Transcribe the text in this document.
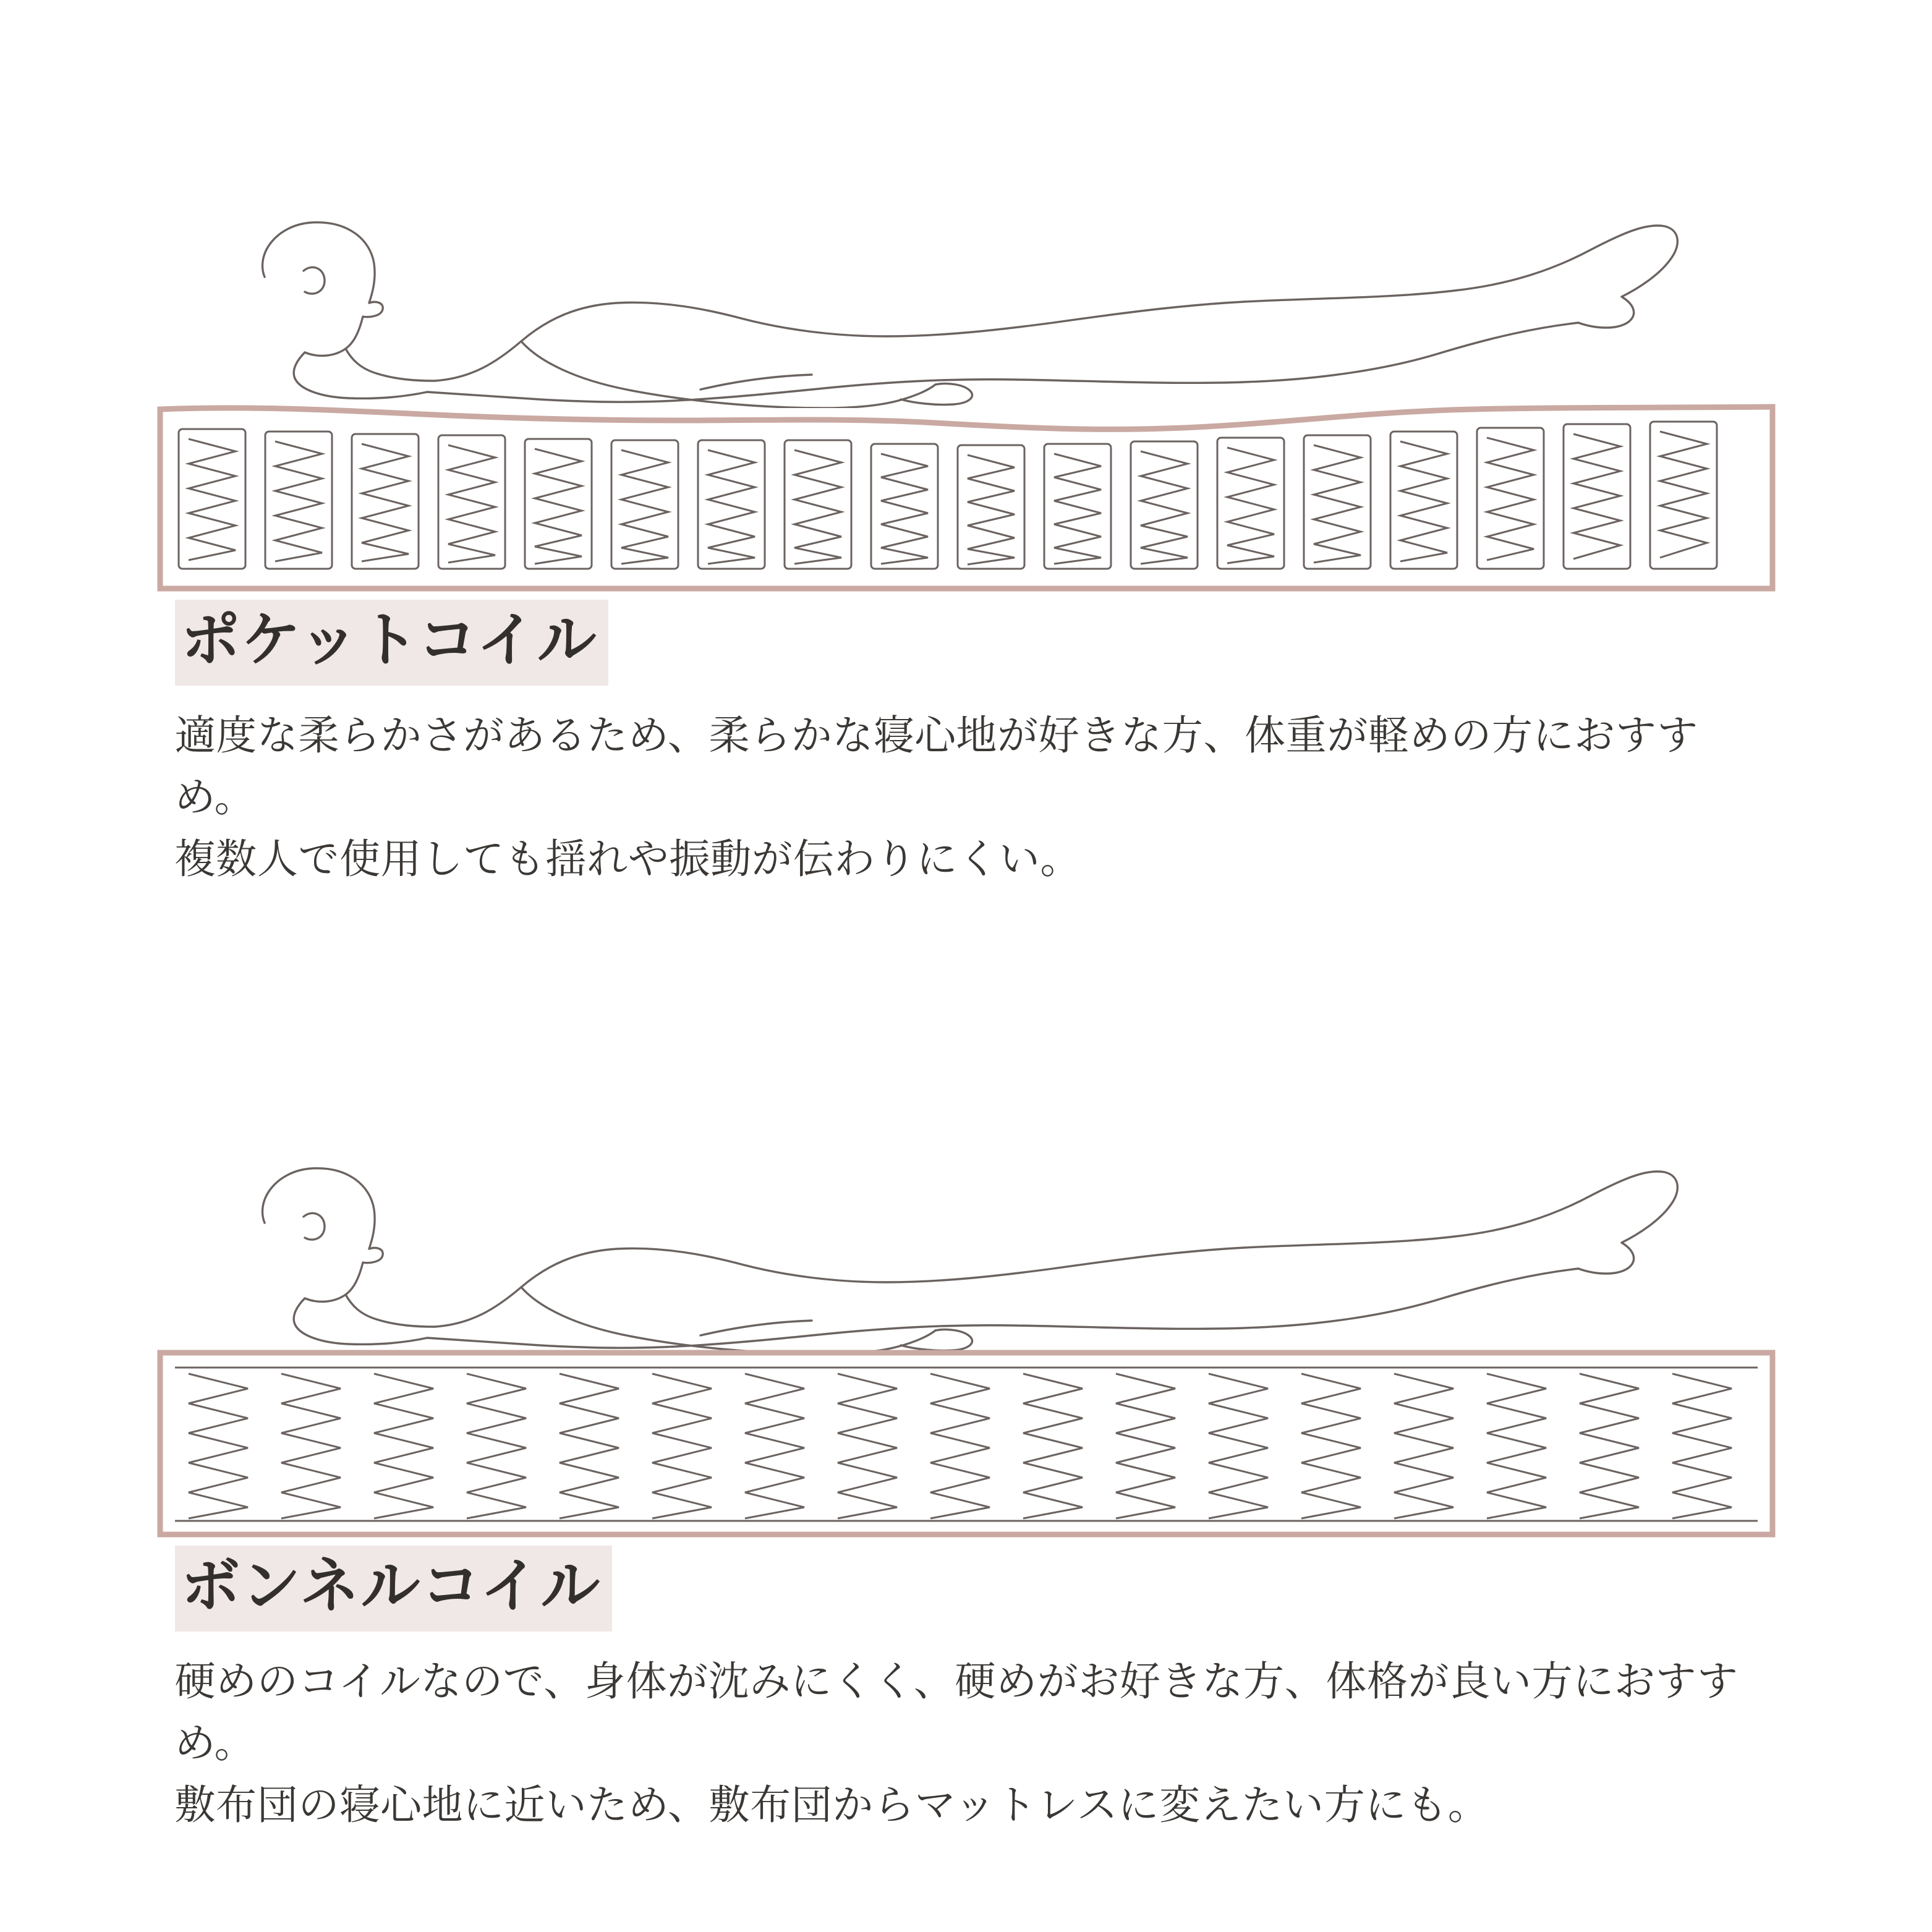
ポケットコイル

適度な柔らかさがあるため、柔らかな寝心地が好きな方、体重が軽めの方におすすめ。
複数人で使用しても揺れや振動が伝わりにくい。

ボンネルコイル

硬めのコイルなので、身体が沈みにくく、硬めがお好きな方、体格が良い方におすすめ。
敷布団の寝心地に近いため、敷布団からマットレスに変えたい方にも。
